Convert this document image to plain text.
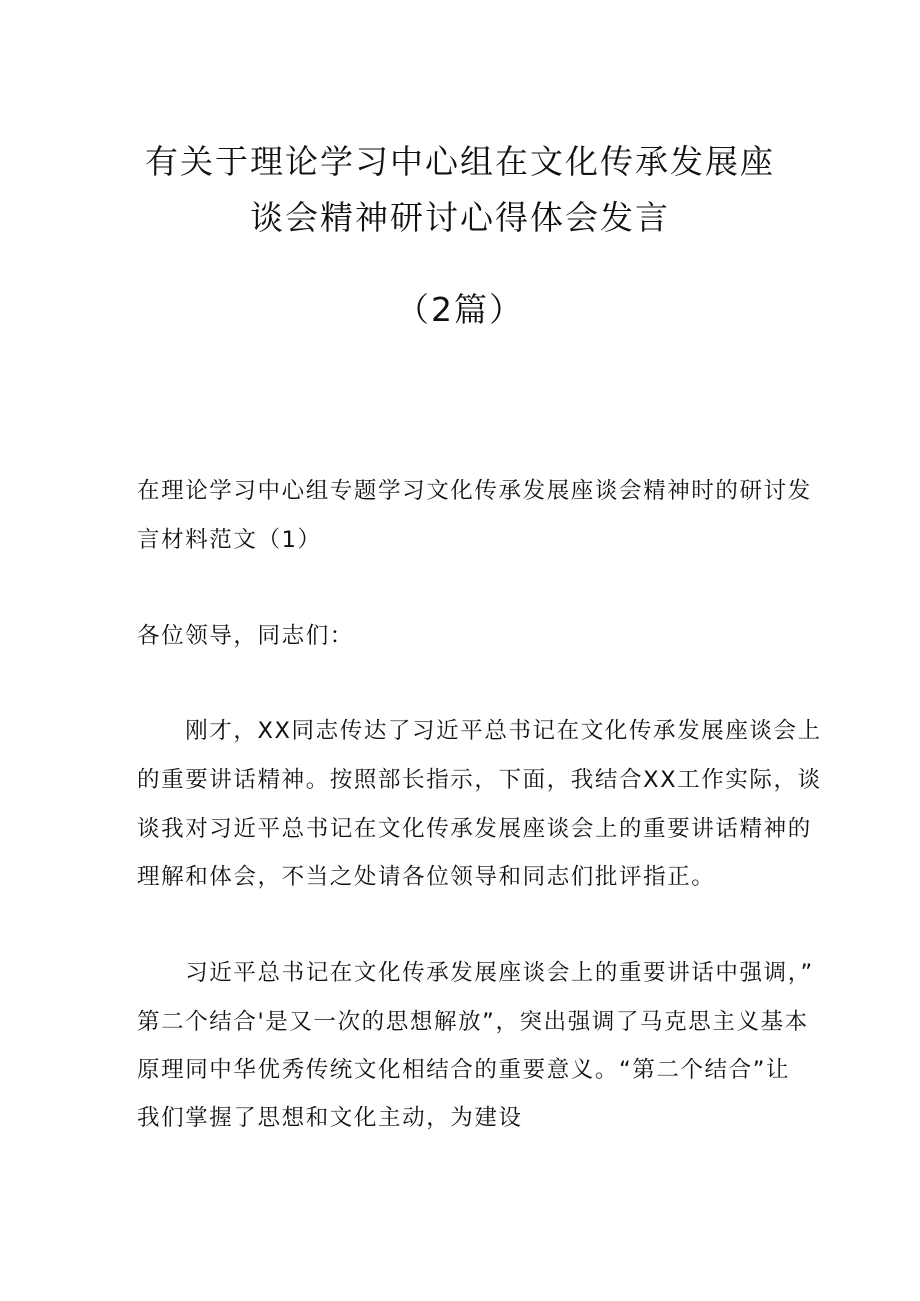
有关于理论学习中心组在文化传承发展座
谈会精神研讨心得体会发言
（2篇）
在理论学习中心组专题学习文化传承发展座谈会精神时的研讨发
言材料范文（1）
各位领导，同志们：
　　刚才，XX同志传达了习近平总书记在文化传承发展座谈会上
的重要讲话精神。按照部长指示，下面，我结合XX工作实际，谈
谈我对习近平总书记在文化传承发展座谈会上的重要讲话精神的
理解和体会，不当之处请各位领导和同志们批评指正。
　　习近平总书记在文化传承发展座谈会上的重要讲话中强调，”
第二个结合'是又一次的思想解放”，突出强调了马克思主义基本
原理同中华优秀传统文化相结合的重要意义。“第二个结合”让
我们掌握了思想和文化主动，为建设
